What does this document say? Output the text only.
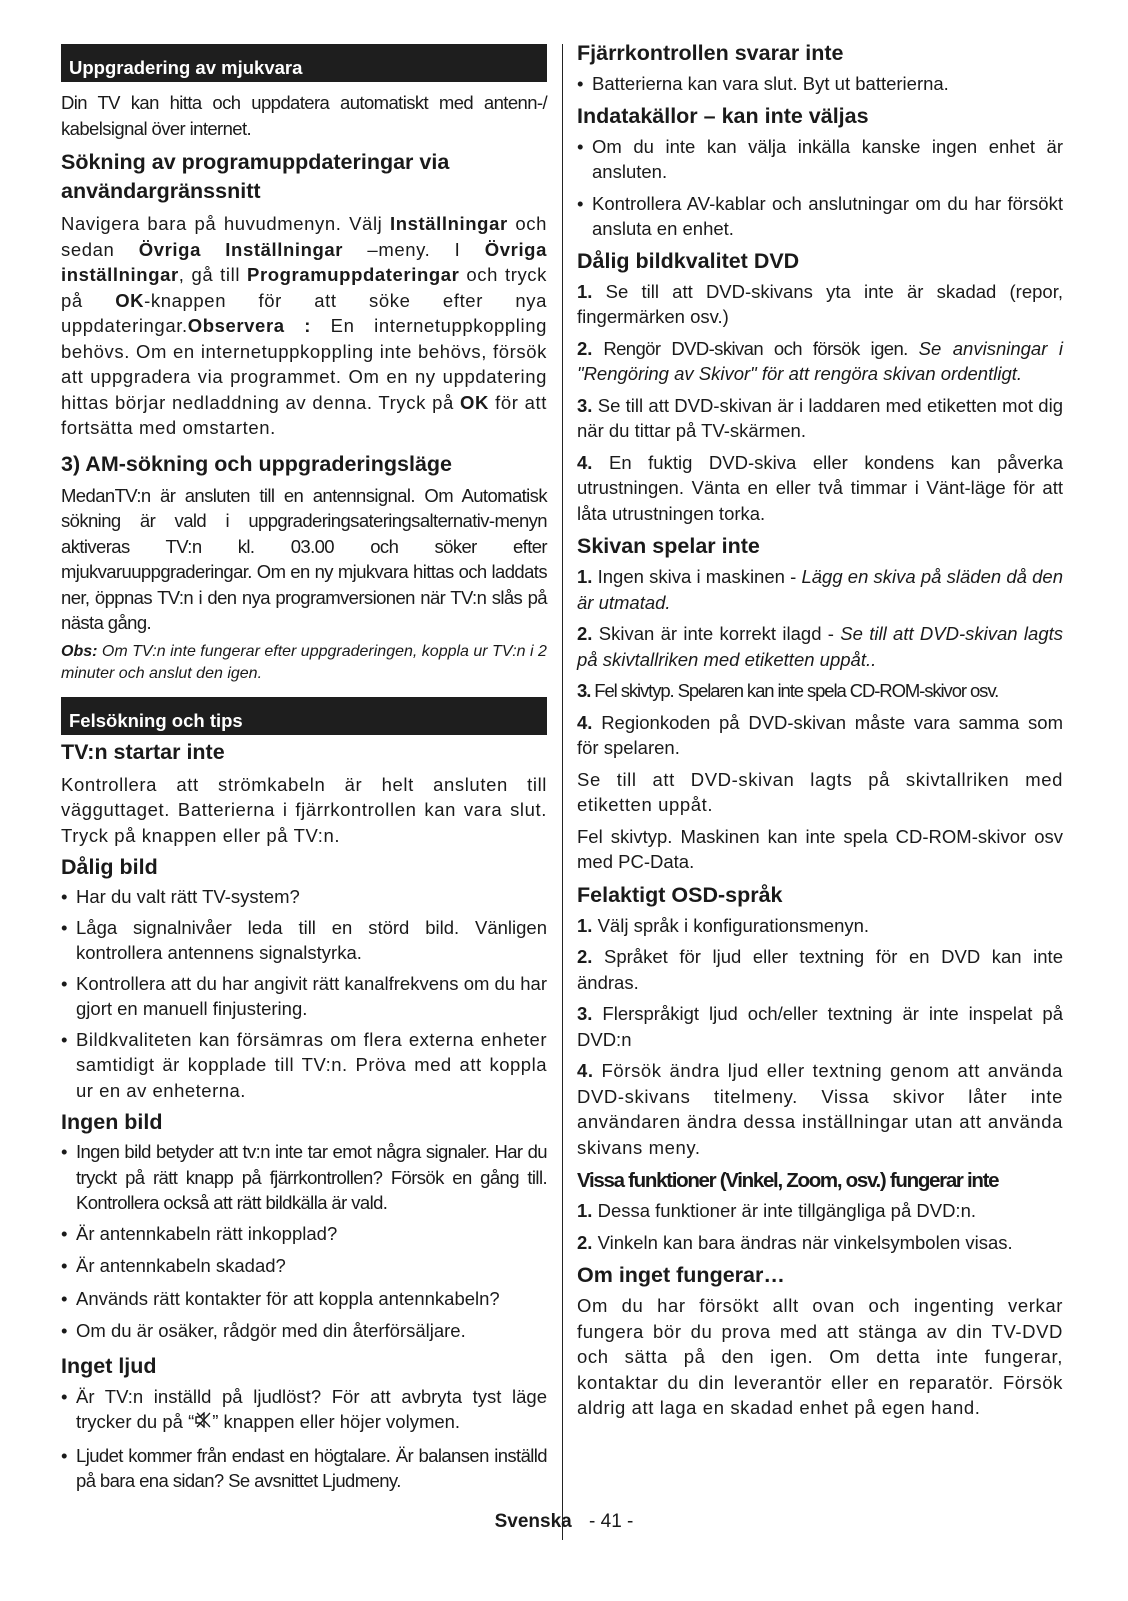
Uppgradering av mjukvara

Din TV kan hitta och uppdatera automatiskt med antenn-/ kabelsignal över internet.

Sökning av programuppdateringar via användargränssnitt

Navigera bara på huvudmenyn. Välj Inställningar och sedan Övriga Inställningar –meny. I Övriga inställningar, gå till Programuppdateringar och tryck på OK-knappen för att söke efter nya uppdateringar.Observera : En internetuppkoppling behövs. Om en internetuppkoppling inte behövs, försök att uppgradera via programmet. Om en ny uppdatering hittas börjar nedladdning av denna. Tryck på OK för att fortsätta med omstarten.

3) AM-sökning och uppgraderingsläge

MedanTV:n är ansluten till en antennsignal. Om Automatisk sökning är vald i uppgraderingsateringsalternativ-menyn aktiveras TV:n kl. 03.00 och söker efter mjukvaruuppgraderingar. Om en ny mjukvara hittas och laddats ner, öppnas TV:n i den nya programversionen när TV:n slås på nästa gång.

Obs: Om TV:n inte fungerar efter uppgraderingen, koppla ur TV:n i 2 minuter och anslut den igen.

Felsökning och tips
TV:n startar inte

Kontrollera att strömkabeln är helt ansluten till vägguttaget. Batterierna i fjärrkontrollen kan vara slut. Tryck på knappen eller på TV:n.

Dålig bild
• Har du valt rätt TV-system?
• Låga signalnivåer leda till en störd bild. Vänligen kontrollera antennens signalstyrka.
• Kontrollera att du har angivit rätt kanalfrekvens om du har gjort en manuell finjustering.
• Bildkvaliteten kan försämras om flera externa enheter samtidigt är kopplade till TV:n. Pröva med att koppla ur en av enheterna.
Ingen bild
• Ingen bild betyder att tv:n inte tar emot några signaler. Har du tryckt på rätt knapp på fjärrkontrollen? Försök en gång till. Kontrollera också att rätt bildkälla är vald.
• Är antennkabeln rätt inkopplad?
• Är antennkabeln skadad?
• Används rätt kontakter för att koppla antennkabeln?
• Om du är osäker, rådgör med din återförsäljare.
Inget ljud
• Är TV:n inställd på ljudlöst? För att avbryta tyst läge trycker du på “ ” knappen eller höjer volymen.
• Ljudet kommer från endast en högtalare. Är balansen inställd på bara ena sidan? Se avsnittet Ljudmeny.
Fjärrkontrollen svarar inte
• Batterierna kan vara slut. Byt ut batterierna.
Indatakällor – kan inte väljas
• Om du inte kan välja inkälla kanske ingen enhet är ansluten.
• Kontrollera AV-kablar och anslutningar om du har försökt ansluta en enhet.
Dålig bildkvalitet DVD

1. Se till att DVD-skivans yta inte är skadad (repor, fingermärken osv.)

2. Rengör DVD-skivan och försök igen. Se anvisningar i "Rengöring av Skivor" för att rengöra skivan ordentligt.

3. Se till att DVD-skivan är i laddaren med etiketten mot dig när du tittar på TV-skärmen.

4. En fuktig DVD-skiva eller kondens kan påverka utrustningen. Vänta en eller två timmar i Vänt-läge för att låta utrustningen torka.

Skivan spelar inte

1. Ingen skiva i maskinen - Lägg en skiva på släden då den är utmatad.

2. Skivan är inte korrekt ilagd - Se till att DVD-skivan lagts på skivtallriken med etiketten uppåt..

3. Fel skivtyp. Spelaren kan inte spela CD-ROM-skivor osv.

4. Regionkoden på DVD-skivan måste vara samma som för spelaren.

Se till att DVD-skivan lagts på skivtallriken med etiketten uppåt.

Fel skivtyp. Maskinen kan inte spela CD-ROM-skivor osv med PC-Data.

Felaktigt OSD-språk

1. Välj språk i konfigurationsmenyn.

2. Språket för ljud eller textning för en DVD kan inte ändras.

3. Flerspråkigt ljud och/eller textning är inte inspelat på DVD:n

4. Försök ändra ljud eller textning genom att använda DVD-skivans titelmeny. Vissa skivor låter inte användaren ändra dessa inställningar utan att använda skivans meny.

Vissa funktioner (Vinkel, Zoom, osv.) fungerar inte

1. Dessa funktioner är inte tillgängliga på DVD:n.

2. Vinkeln kan bara ändras när vinkelsymbolen visas.

Om inget fungerar…

Om du har försökt allt ovan och ingenting verkar fungera bör du prova med att stänga av din TV-DVD och sätta på den igen. Om detta inte fungerar, kontaktar du din leverantör eller en reparatör. Försök aldrig att laga en skadad enhet på egen hand.

Svenska - 41 -
